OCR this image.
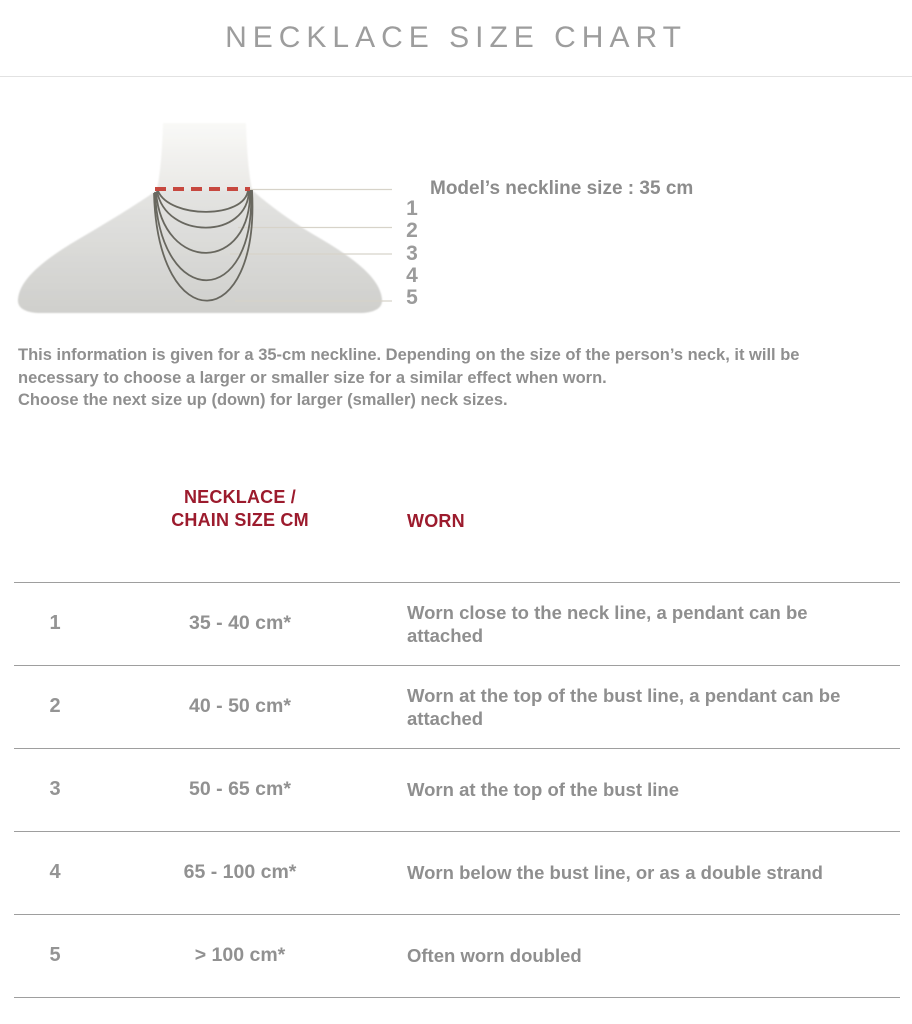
NECKLACE SIZE CHART
Model’s neckline size : 35 cm
1
2
3
4
5
This information is given for a 35-cm neckline. Depending on the size of the person’s neck, it will be
necessary to choose a larger or smaller size for a similar effect when worn.
Choose the next size up (down) for larger (smaller) neck sizes.
NECKLACE /
CHAIN SIZE CM	WORN
1	35 - 40 cm*	Worn close to the neck line, a pendant can be attached
2	40 - 50 cm*	Worn at the top of the bust line, a pendant can be attached
3	50 - 65 cm*	Worn at the top of the bust line
4	65 - 100 cm*	Worn below the bust line, or as a double strand
5	> 100 cm*	Often worn doubled
